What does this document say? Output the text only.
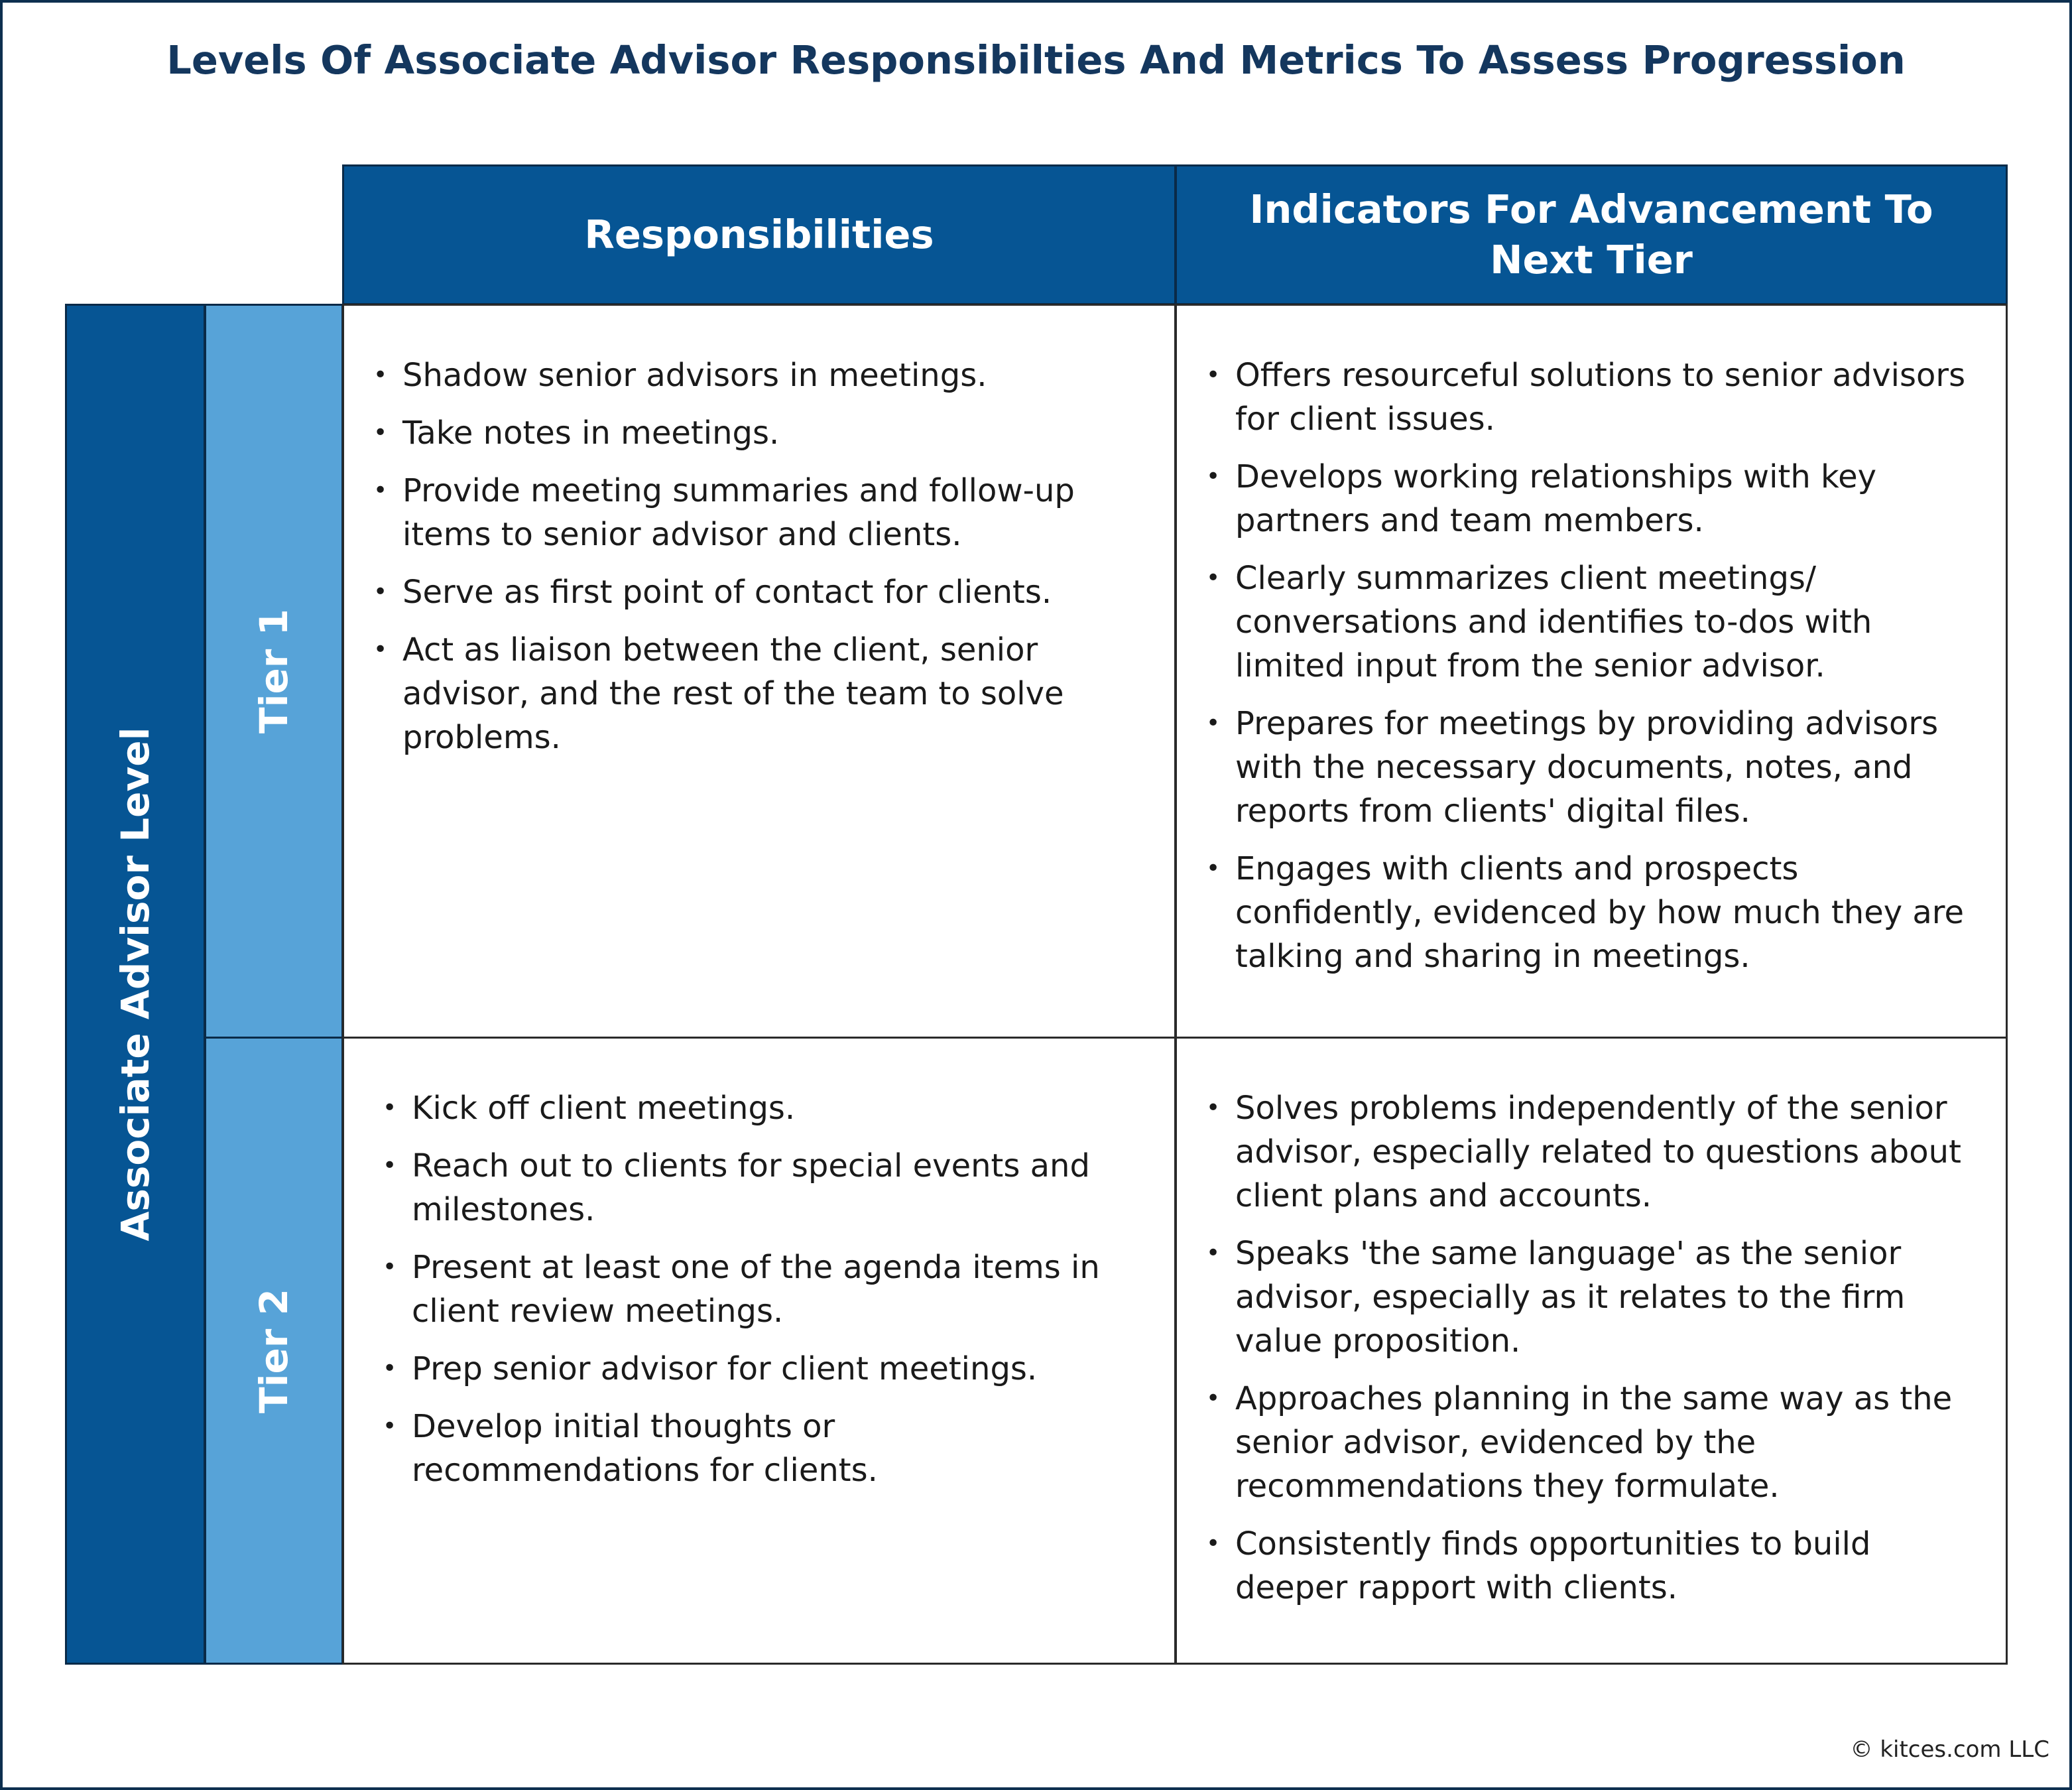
Levels Of Associate Advisor Responsibilties And Metrics To Assess Progression
Responsibilities
Indicators For Advancement To Next Tier
Associate Advisor Level
Tier 1
Tier 2
• Shadow senior advisors in meetings.
• Take notes in meetings.
• Provide meeting summaries and follow-up items to senior advisor and clients.
• Serve as first point of contact for clients.
• Act as liaison between the client, senior advisor, and the rest of the team to solve problems.
• Offers resourceful solutions to senior advisors for client issues.
• Develops working relationships with key partners and team members.
• Clearly summarizes client meetings/ conversations and identifies to-dos with limited input from the senior advisor.
• Prepares for meetings by providing advisors with the necessary documents, notes, and reports from clients' digital files.
• Engages with clients and prospects confidently, evidenced by how much they are talking and sharing in meetings.
• Kick off client meetings.
• Reach out to clients for special events and milestones.
• Present at least one of the agenda items in client review meetings.
• Prep senior advisor for client meetings.
• Develop initial thoughts or recommendations for clients.
• Solves problems independently of the senior advisor, especially related to questions about client plans and accounts.
• Speaks 'the same language' as the senior advisor, especially as it relates to the firm value proposition.
• Approaches planning in the same way as the senior advisor, evidenced by the recommendations they formulate.
• Consistently finds opportunities to build deeper rapport with clients.
© kitces.com LLC
